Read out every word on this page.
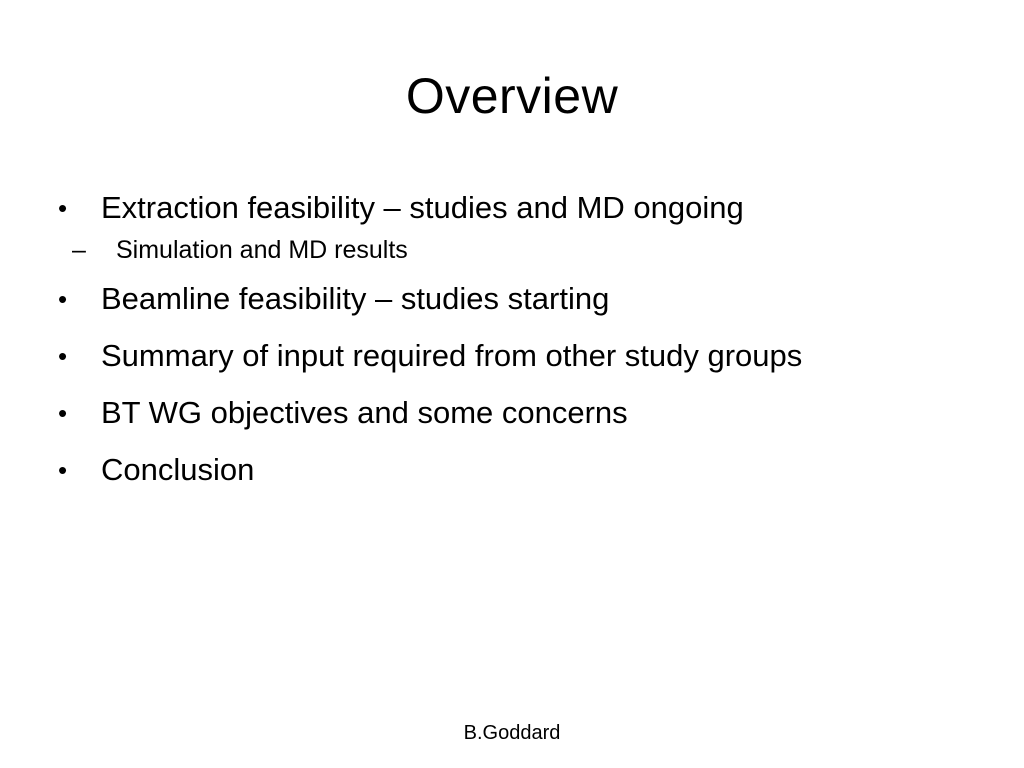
Overview
•	Extraction feasibility – studies and MD ongoing
–	Simulation and MD results
•	Beamline feasibility – studies starting
•	Summary of input required from other study groups
•	BT WG objectives and some concerns
•	Conclusion
B.Goddard
